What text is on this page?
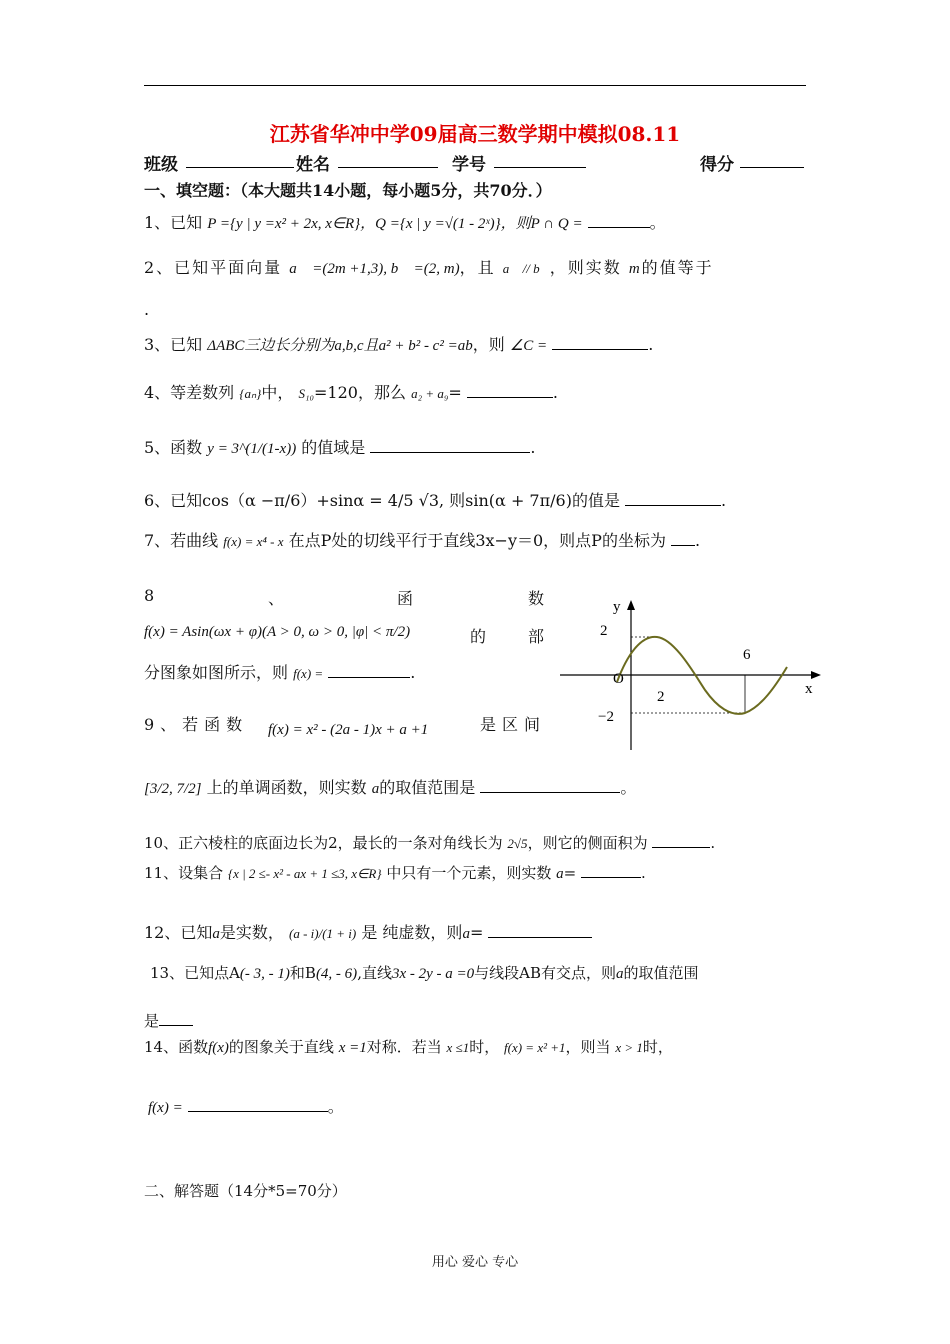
江苏省华冲中学09届高三数学期中模拟08.11
班级	姓名	学号	得分
一、填空题：（本大题共14小题，每小题5分，共70分．）
1、已知 P ={y | y =x² + 2x, x∈R}，Q ={x | y =√(1 - 2ˣ)}，则P ∩ Q =	。
2、已知平面向量 a⃗ =(2m +1,3), b⃗ =(2, m)，且 a⃗ // b⃗，则实数 m的值等于
.
3、已知 ΔABC三边长分别为a,b,c且a² + b² - c² =ab，则 ∠C =	.
4、等差数列 {aₙ}中， S₁₀=120，那么 a₂ + a₉=	.
5、函数 y = 3^(1/(1-x)) 的值域是	.
6、已知cos（α −π/6）+sinα = 4/5 √3, 则sin(α + 7π/6)的值是	.
7、若曲线 f(x) = x⁴ - x 在点P处的切线平行于直线3x−y＝0，则点P的坐标为 .
8	、	函	数
f(x) = Asin(ωx + φ)(A > 0, ω > 0, |φ| < π/2)	的	部
分图象如图所示，则 f(x) =	.
y
x
O
2
6
2
−2
9、若函数 f(x) = x² - (2a - 1)x + a +1	是区间
[3/2, 7/2] 上的单调函数，则实数 a的取值范围是	。
10、正六棱柱的底面边长为2，最长的一条对角线长为 2√5，则它的侧面积为	.
11、设集合 {x | 2 ≤- x² - ax + 1 ≤3, x∈R} 中只有一个元素，则实数 a=	.
12、已知a是实数， (a - i)/(1 + i) 是 纯虚数，则a=
13、已知点A(- 3, - 1)和B(4, - 6),直线3x - 2y - a =0与线段AB有交点，则a的取值范围
是
14、函数f(x)的图象关于直线 x =1对称．若当 x ≤1时， f(x) = x² +1，则当 x > 1时，
f(x) =	。
二、解答题（14分*5=70分）
用心 爱心 专心
